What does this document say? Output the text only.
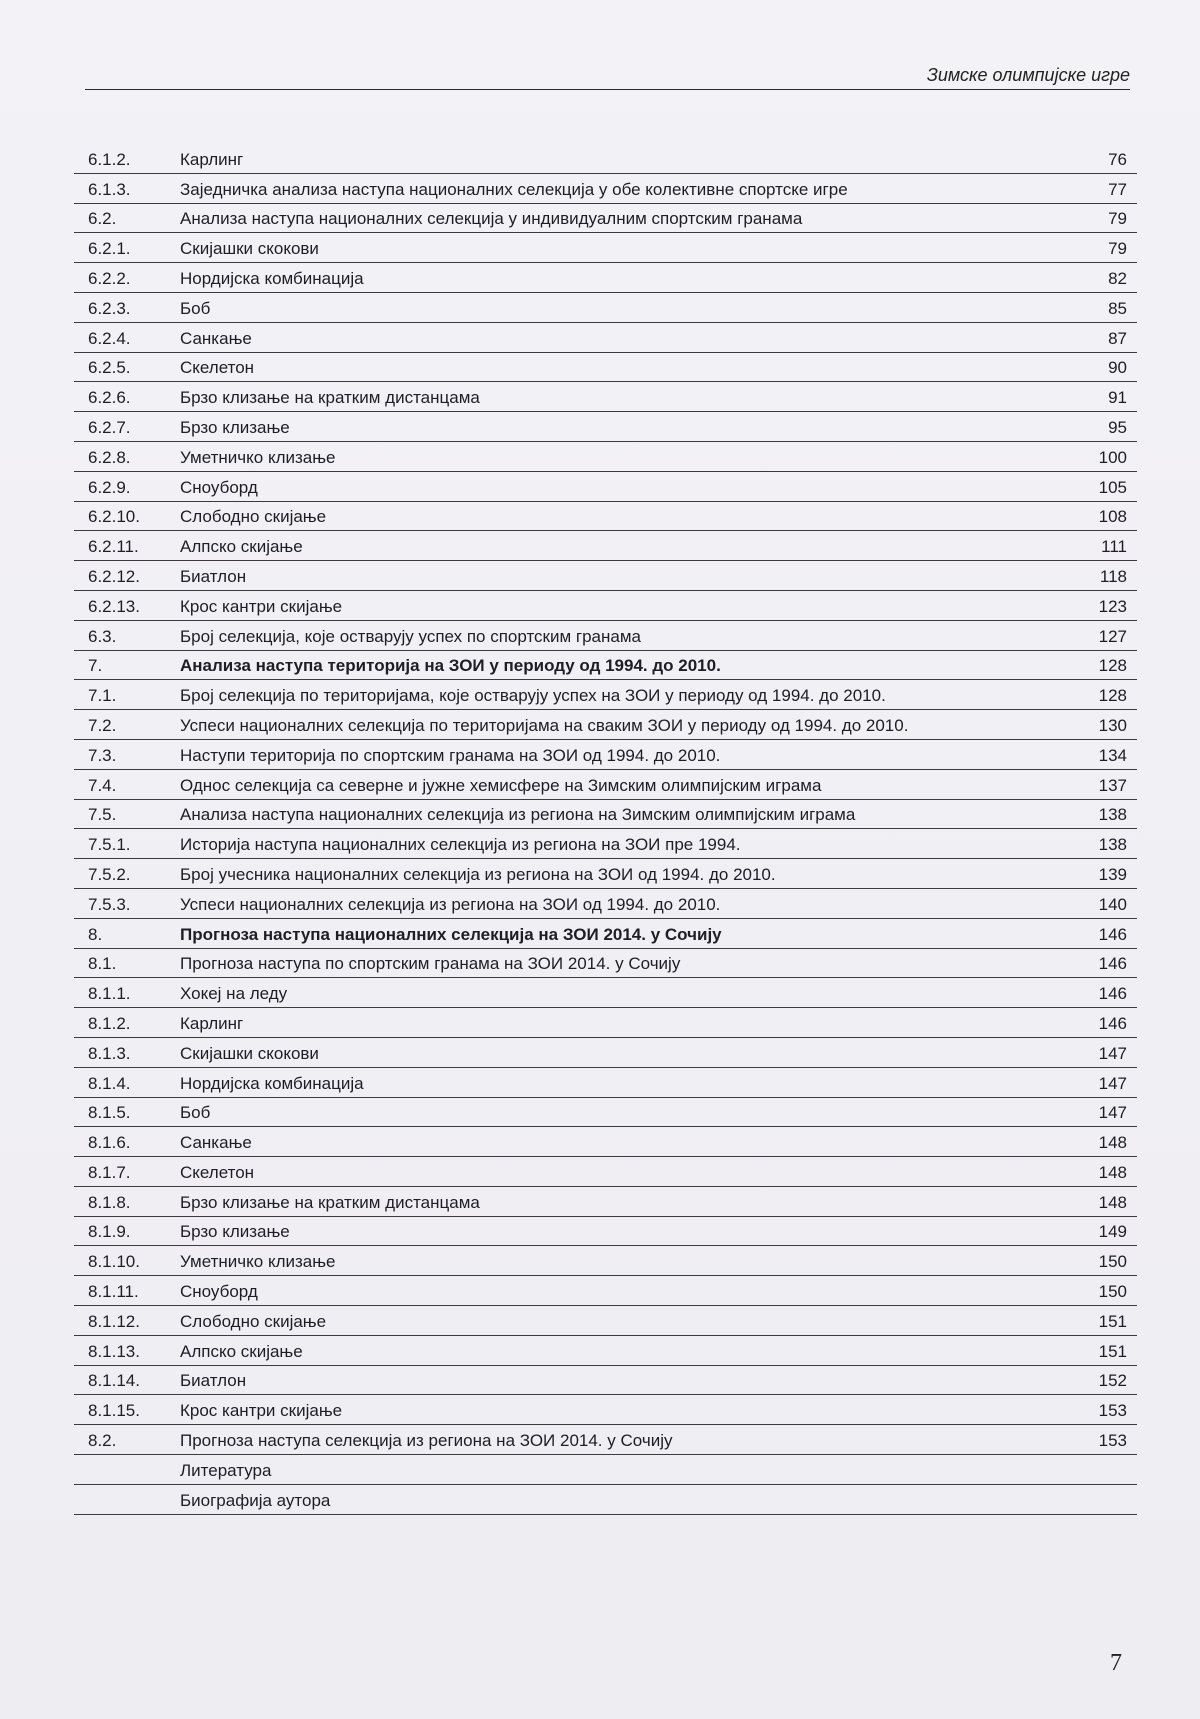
Зимске олимпијске игре
6.1.2.	Карлинг	76
6.1.3.	Заједничка анализа наступа националних селекција у обе колективне спортске игре	77
6.2.	Анализа наступа националних селекција у индивидуалним спортским гранама	79
6.2.1.	Скијашки скокови	79
6.2.2.	Нордијска комбинација	82
6.2.3.	Боб	85
6.2.4.	Санкање	87
6.2.5.	Скелетон	90
6.2.6.	Брзо клизање на кратким дистанцама	91
6.2.7.	Брзо клизање	95
6.2.8.	Уметничко клизање	100
6.2.9.	Сноуборд	105
6.2.10.	Слободно скијање	108
6.2.11.	Алпско скијање	111
6.2.12.	Биатлон	118
6.2.13.	Крос кантри скијање	123
6.3.	Број селекција, које остварују успех по спортским гранама	127
7.	Анализа наступа територија на ЗОИ у периоду од 1994. до 2010.	128
7.1.	Број селекција по територијама, које остварују успех на ЗОИ у периоду од 1994. до 2010.	128
7.2.	Успеси националних селекција по територијама на сваким ЗОИ у периоду од 1994. до 2010.	130
7.3.	Наступи територија по спортским гранама на ЗОИ од 1994. до 2010.	134
7.4.	Однос селекција са северне и јужне хемисфере на Зимским олимпијским играма	137
7.5.	Анализа наступа националних селекција из региона на Зимским олимпијским играма	138
7.5.1.	Историја наступа националних селекција из региона на ЗОИ пре 1994.	138
7.5.2.	Број учесника националних селекција из региона на ЗОИ од 1994. до 2010.	139
7.5.3.	Успеси националних селекција из региона на ЗОИ од 1994. до 2010.	140
8.	Прогноза наступа националних селекција на ЗОИ 2014. у Сочију	146
8.1.	Прогноза наступа по спортским гранама на ЗОИ 2014. у Сочију	146
8.1.1.	Хокеј на леду	146
8.1.2.	Карлинг	146
8.1.3.	Скијашки скокови	147
8.1.4.	Нордијска комбинација	147
8.1.5.	Боб	147
8.1.6.	Санкање	148
8.1.7.	Скелетон	148
8.1.8.	Брзо клизање на кратким дистанцама	148
8.1.9.	Брзо клизање	149
8.1.10.	Уметничко клизање	150
8.1.11.	Сноуборд	150
8.1.12.	Слободно скијање	151
8.1.13.	Алпско скијање	151
8.1.14.	Биатлон	152
8.1.15.	Крос кантри скијање	153
8.2.	Прогноза наступа селекција из региона на ЗОИ 2014. у Сочију	153
Литература
Биографија аутора
7
